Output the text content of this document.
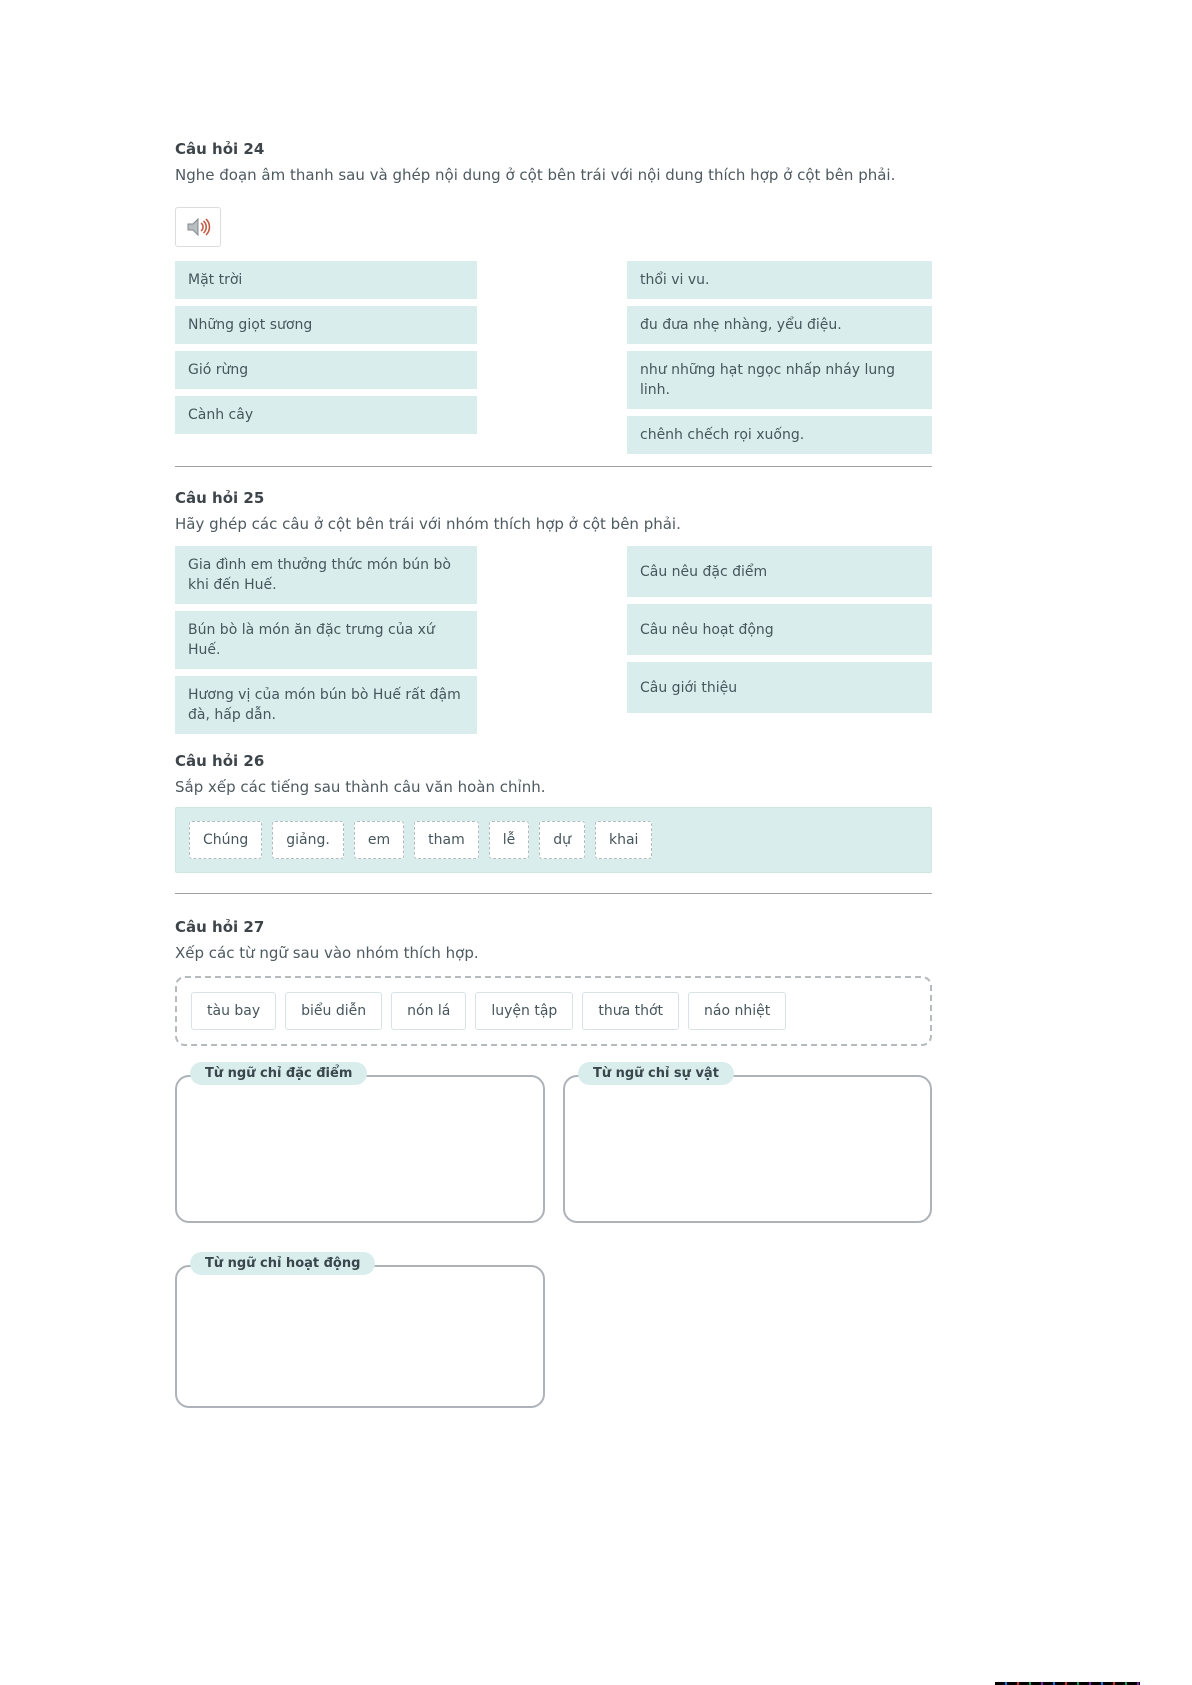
Câu hỏi 24

Nghe đoạn âm thanh sau và ghép nội dung ở cột bên trái với nội dung thích hợp ở cột bên phải.

Mặt trời
Những giọt sương
Gió rừng
Cành cây
thổi vi vu.
đu đưa nhẹ nhàng, yểu điệu.
như những hạt ngọc nhấp nháy lung linh.
chênh chếch rọi xuống.
Câu hỏi 25

Hãy ghép các câu ở cột bên trái với nhóm thích hợp ở cột bên phải.

Gia đình em thưởng thức món bún bò khi đến Huế.
Bún bò là món ăn đặc trưng của xứ Huế.
Hương vị của món bún bò Huế rất đậm đà, hấp dẫn.
Câu nêu đặc điểm
Câu nêu hoạt động
Câu giới thiệu
Câu hỏi 26

Sắp xếp các tiếng sau thành câu văn hoàn chỉnh.

Chúng	giảng.	em	tham	lễ	dự	khai
Câu hỏi 27

Xếp các từ ngữ sau vào nhóm thích hợp.

tàu bay	biểu diễn	nón lá	luyện tập	thưa thớt	náo nhiệt
Từ ngữ chỉ đặc điểm	Từ ngữ chỉ sự vật
Từ ngữ chỉ hoạt động
